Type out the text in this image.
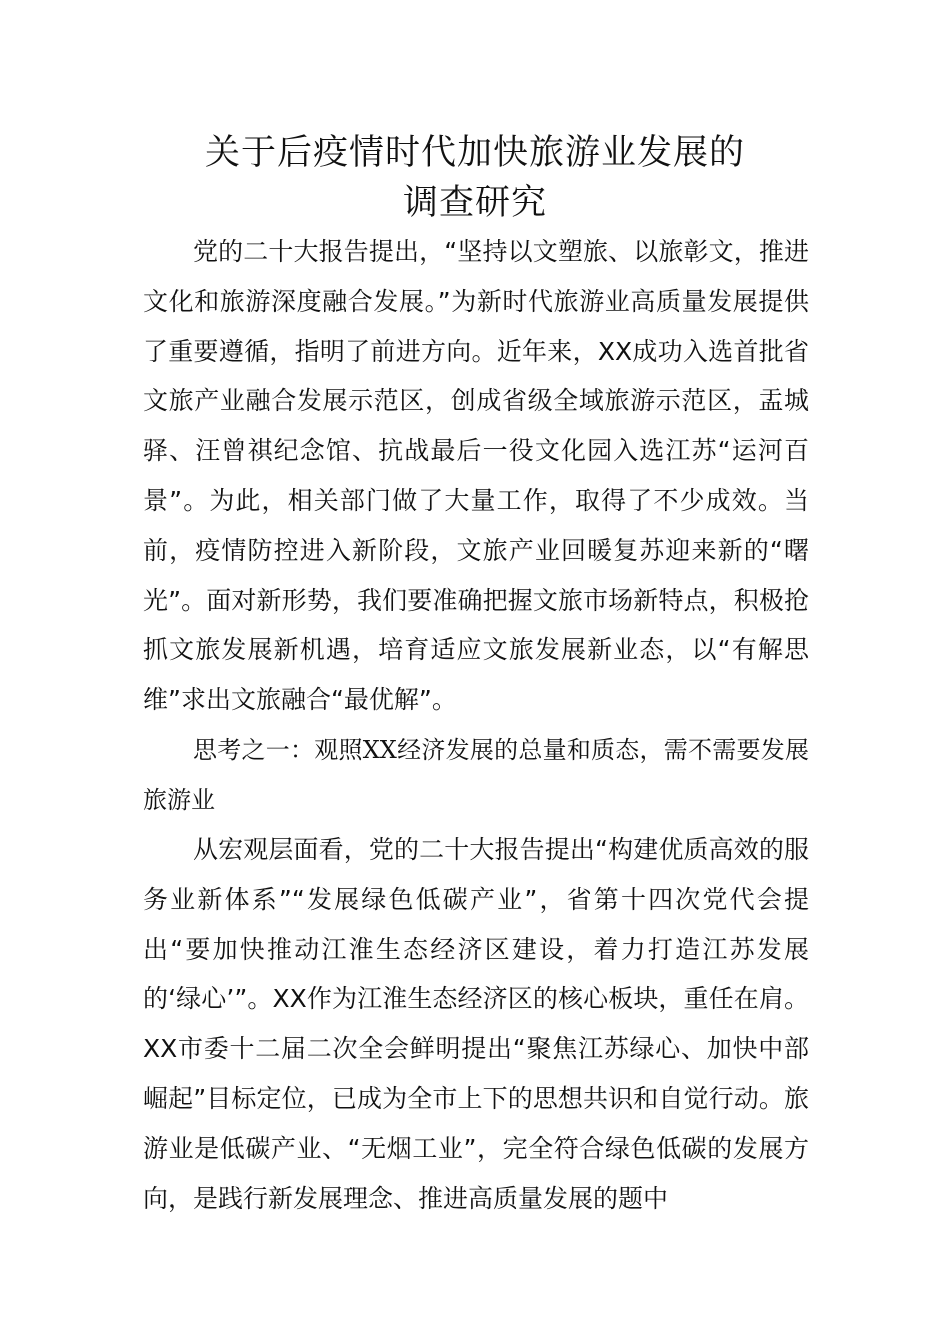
关于后疫情时代加快旅游业发展的
调查研究

党的二十大报告提出，“坚持以文塑旅、以旅彰文，推进文化和旅游深度融合发展。”为新时代旅游业高质量发展提供了重要遵循，指明了前进方向。近年来，XX成功入选首批省文旅产业融合发展示范区，创成省级全域旅游示范区，盂城驿、汪曾祺纪念馆、抗战最后一役文化园入选江苏“运河百景”。为此，相关部门做了大量工作，取得了不少成效。当前，疫情防控进入新阶段，文旅产业回暖复苏迎来新的“曙光”。面对新形势，我们要准确把握文旅市场新特点，积极抢抓文旅发展新机遇，培育适应文旅发展新业态，以“有解思维”求出文旅融合“最优解”。

思考之一：观照XX经济发展的总量和质态，需不需要发展旅游业

从宏观层面看，党的二十大报告提出“构建优质高效的服务业新体系”“发展绿色低碳产业”，省第十四次党代会提出“要加快推动江淮生态经济区建设，着力打造江苏发展的‘绿心’”。XX作为江淮生态经济区的核心板块，重任在肩。XX市委十二届二次全会鲜明提出“聚焦江苏绿心、加快中部崛起”目标定位，已成为全市上下的思想共识和自觉行动。旅游业是低碳产业、“无烟工业”，完全符合绿色低碳的发展方向，是践行新发展理念、推进高质量发展的题中
